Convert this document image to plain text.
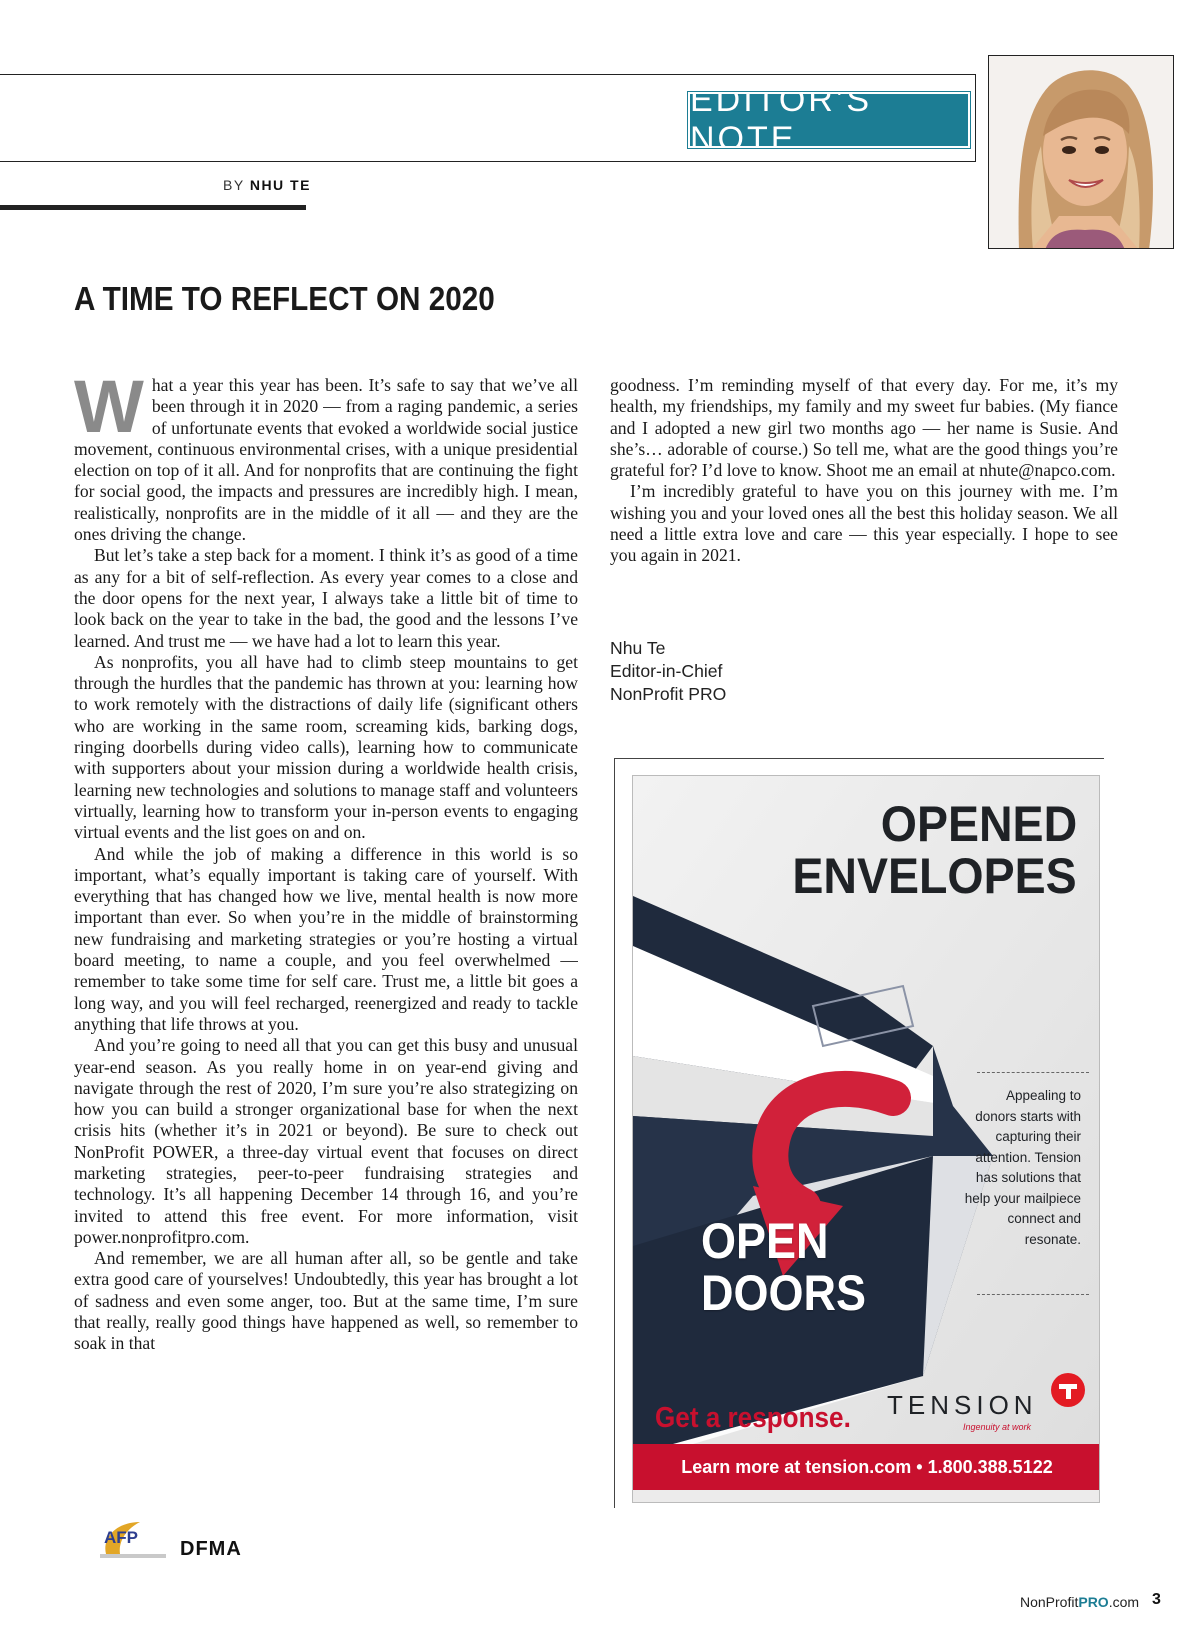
EDITOR’S NOTE
BY NHU TE
A TIME TO REFLECT ON 2020

What a year this year has been. It’s safe to say that we’ve all been through it in 2020 — from a raging pandemic, a series of unfortunate events that evoked a worldwide social justice movement, continuous environmental crises, with a unique presidential election on top of it all. And for nonprofits that are continuing the fight for social good, the impacts and pressures are incredibly high. I mean, realistically, nonprofits are in the middle of it all — and they are the ones driving the change.

But let’s take a step back for a moment. I think it’s as good of a time as any for a bit of self-reflection. As every year comes to a close and the door opens for the next year, I always take a little bit of time to look back on the year to take in the bad, the good and the lessons I’ve learned. And trust me — we have had a lot to learn this year.

As nonprofits, you all have had to climb steep mountains to get through the hurdles that the pandemic has thrown at you: learning how to work remotely with the distractions of daily life (significant others who are working in the same room, screaming kids, barking dogs, ringing doorbells during video calls), learning how to communicate with supporters about your mission during a worldwide health crisis, learning new technologies and solutions to manage staff and volunteers virtually, learning how to transform your in-person events to engaging virtual events and the list goes on and on.

And while the job of making a difference in this world is so important, what’s equally important is taking care of yourself. With everything that has changed how we live, mental health is now more important than ever. So when you’re in the middle of brainstorming new fundraising and marketing strategies or you’re hosting a virtual board meeting, to name a couple, and you feel overwhelmed — remember to take some time for self care. Trust me, a little bit goes a long way, and you will feel recharged, reenergized and ready to tackle anything that life throws at you.

And you’re going to need all that you can get this busy and unusual year-end season. As you really home in on year-end giving and navigate through the rest of 2020, I’m sure you’re also strategizing on how you can build a stronger organizational base for when the next crisis hits (whether it’s in 2021 or beyond). Be sure to check out NonProfit POWER, a three-day virtual event that focuses on direct marketing strategies, peer-to-peer fundraising strategies and technology. It’s all happening December 14 through 16, and you’re invited to attend this free event. For more information, visit power.nonprofitpro.com.

And remember, we are all human after all, so be gentle and take extra good care of yourselves! Undoubtedly, this year has brought a lot of sadness and even some anger, too. But at the same time, I’m sure that really, really good things have happened as well, so remember to soak in that

goodness. I’m reminding myself of that every day. For me, it’s my health, my friendships, my family and my sweet fur babies. (My fiance and I adopted a new girl two months ago — her name is Susie. And she’s… adorable of course.) So tell me, what are the good things you’re grateful for? I’d love to know. Shoot me an email at nhute@napco.com.

I’m incredibly grateful to have you on this journey with me. I’m wishing you and your loved ones all the best this holiday season. We all need a little extra love and care — this year especially. I hope to see you again in 2021.

Nhu Te
Editor-in-Chief
NonProfit PRO
OPENED
ENVELOPES
OPEN
DOORS
Appealing to donors starts with capturing their attention. Tension has solutions that help your mailpiece connect and resonate.
Get a response. TENSION
Ingenuity at work
Learn more at tension.com • 1.800.388.5122
AFP
DFMA
NonProfitPRO.com 3
